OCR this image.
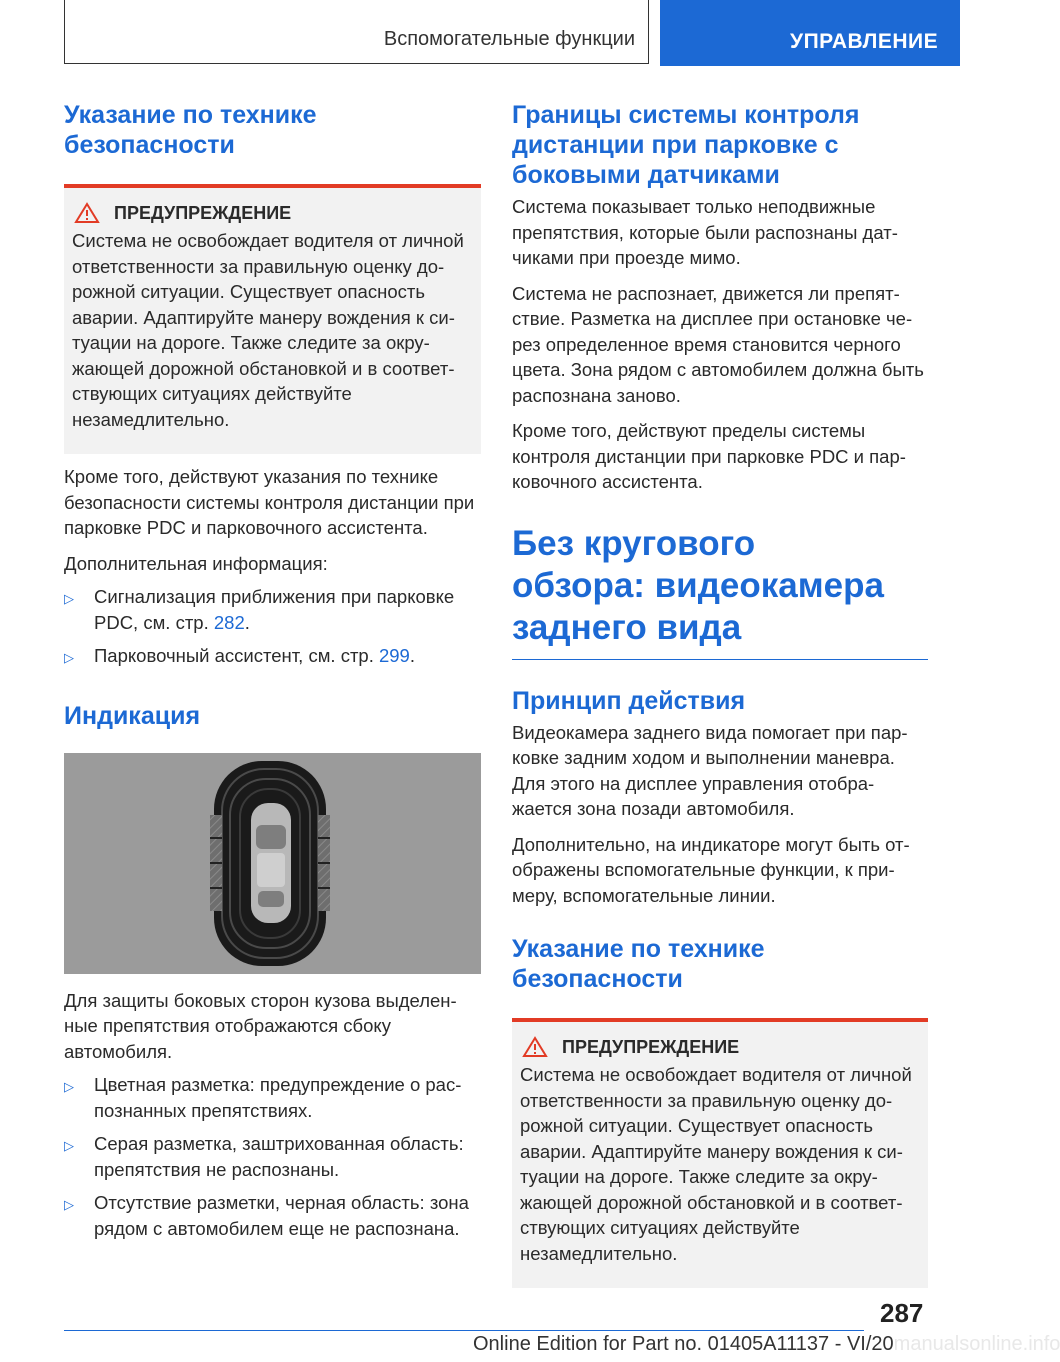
Вспомогательные функции	УПРАВЛЕНИЕ
Указание по технике безопасности
ПРЕДУПРЕЖДЕНИЕ

Система не освобождает водителя от личной ответственности за правильную оценку до-рожной ситуации. Существует опасность аварии. Адаптируйте манеру вождения к си-туации на дороге. Также следите за окру-жающей дорожной обстановкой и в соответ-ствующих ситуациях действуйте незамедлительно.

Кроме того, действуют указания по технике безопасности системы контроля дистанции при парковке PDC и парковочного ассистента.

Дополнительная информация:

▷	Сигнализация приближения при парковке PDC, см. стр. 282.
▷	Парковочный ассистент, см. стр. 299.
Индикация

Для защиты боковых сторон кузова выделен-ные препятствия отображаются сбоку автомобиля.

▷	Цветная разметка: предупреждение о рас-познанных препятствиях.
▷	Серая разметка, заштрихованная область: препятствия не распознаны.
▷	Отсутствие разметки, черная область: зона рядом с автомобилем еще не распознана.
Границы системы контроля дистанции при парковке с боковыми датчиками

Система показывает только неподвижные препятствия, которые были распознаны дат-чиками при проезде мимо.

Система не распознает, движется ли препят-ствие. Разметка на дисплее при остановке че-рез определенное время становится черного цвета. Зона рядом с автомобилем должна быть распознана заново.

Кроме того, действуют пределы системы контроля дистанции при парковке PDC и пар-ковочного ассистента.

Без кругового обзора: видеокамера заднего вида
Принцип действия

Видеокамера заднего вида помогает при пар-ковке задним ходом и выполнении маневра. Для этого на дисплее управления отобра-жается зона позади автомобиля.

Дополнительно, на индикаторе могут быть от-ображены вспомогательные функции, к при-меру, вспомогательные линии.

Указание по технике безопасности
ПРЕДУПРЕЖДЕНИЕ

Система не освобождает водителя от личной ответственности за правильную оценку до-рожной ситуации. Существует опасность аварии. Адаптируйте манеру вождения к си-туации на дороге. Также следите за окру-жающей дорожной обстановкой и в соответ-ствующих ситуациях действуйте незамедлительно.

287
Online Edition for Part no. 01405A11137 - VI/20manualsonline.info
